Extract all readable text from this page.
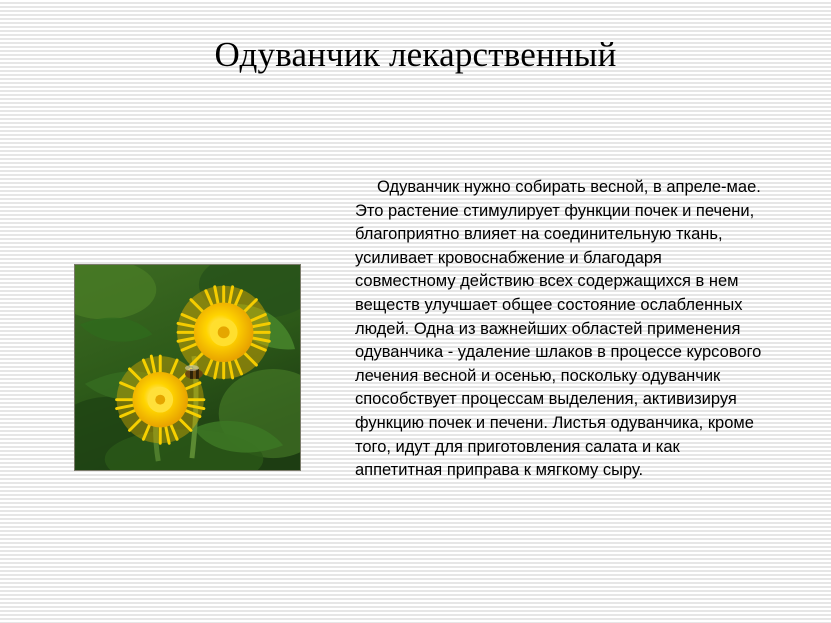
Одуванчик лекарственный
Одуванчик нужно собирать весной, в апреле-мае. Это растение стимулирует функции почек и печени, благоприятно влияет на соединительную ткань, усиливает кровоснабжение и благодаря совместному действию всех содержащихся в нем веществ улучшает общее состояние ослабленных людей. Одна из важнейших областей применения одуванчика - удаление шлаков в процессе курсового лечения весной и осенью, поскольку одуванчик способствует процессам выделения, активизируя функцию почек и печени. Листья одуванчика, кроме того, идут для приготовления салата и как аппетитная приправа к мягкому сыру.
